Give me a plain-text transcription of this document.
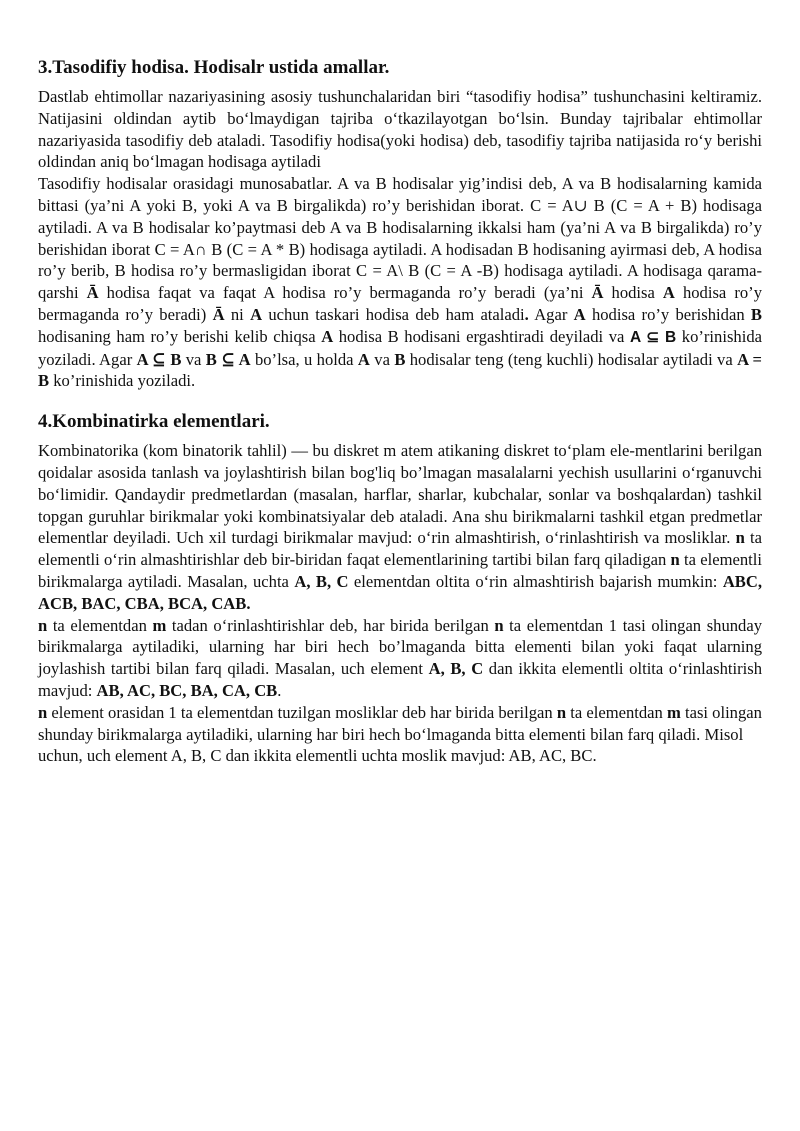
3.Tasodifiy hodisa. Hodisalr ustida amallar.

Dastlab ehtimollar nazariyasining asosiy tushunchalaridan biri “tasodifiy hodisa” tushunchasini keltiramiz. Natijasini oldindan aytib bo‘lmaydigan tajriba o‘tkazilayotgan bo‘lsin. Bunday tajribalar ehtimollar nazariyasida tasodifiy deb ataladi. Tasodifiy hodisa(yoki hodisa) deb, tasodifiy tajriba natijasida ro‘y berishi oldindan aniq bo‘lmagan hodisaga aytiladi

Tasodifiy hodisalar orasidagi munosabatlar. A va B hodisalar yig’indisi deb, A va B hodisalarning kamida bittasi (ya’ni A yoki B, yoki A va B birgalikda) ro’y berishidan iborat. C = A∪ B (C = A + B) hodisaga aytiladi. A va B hodisalar ko’paytmasi deb A va B hodisalarning ikkalsi ham (ya’ni A va B birgalikda) ro’y berishidan iborat C = A∩ B (C = A * B) hodisaga aytiladi. A hodisadan B hodisaning ayirmasi deb, A hodisa ro’y berib, B hodisa ro’y bermasligidan iborat C = A\ B (C = A -B) hodisaga aytiladi. A hodisaga qarama-qarshi Ā hodisa faqat va faqat A hodisa ro’y bermaganda ro’y beradi (ya’ni Ā hodisa A hodisa ro’y bermaganda ro’y beradi) Ā ni A uchun taskari hodisa deb ham ataladi. Agar A hodisa ro’y berishidan B hodisaning ham ro’y berishi kelib chiqsa A hodisa B hodisani ergashtiradi deyiladi va A ⊆ B ko’rinishida yoziladi. Agar A ⊆ B va B ⊆ A bo’lsa, u holda A va B hodisalar teng (teng kuchli) hodisalar aytiladi va A = B ko’rinishida yoziladi.

4.Kombinatirka elementlari.

Kombinatorika (kom binatorik tahlil) — bu diskret m atem atikaning diskret to‘plam ele-mentlarini berilgan qoidalar asosida tanlash va joylashtirish bilan bog'liq bo’lmagan masalalarni yechish usullarini o‘rganuvchi bo‘limidir. Qandaydir predmetlardan (masalan, harflar, sharlar, kubchalar, sonlar va boshqalardan) tashkil topgan guruhlar birikmalar yoki kombinatsiyalar deb ataladi. Ana shu birikmalarni tashkil etgan predmetlar elementlar deyiladi. Uch xil turdagi birikmalar mavjud: o‘rin almashtirish, o‘rinlashtirish va mosliklar. n ta elementli o‘rin almashtirishlar deb bir-biridan faqat elementlarining tartibi bilan farq qiladigan n ta elementli birikmalarga aytiladi. Masalan, uchta A, B, C elementdan oltita o‘rin almashtirish bajarish mumkin: ABC, ACB, BAC, CBA, BCA, CAB.

n ta elementdan m tadan o‘rinlashtirishlar deb, har birida berilgan n ta elementdan 1 tasi olingan shunday birikmalarga aytiladiki, ularning har biri hech bo’lmaganda bitta elementi bilan yoki faqat ularning joylashish tartibi bilan farq qiladi. Masalan, uch element A, B, C dan ikkita elementli oltita o‘rinlashtirish mavjud: AB, AC, BC, BA, CA, CB.

n element orasidan 1 ta elementdan tuzilgan mosliklar deb har birida berilgan n ta elementdan m tasi olingan shunday birikmalarga aytiladiki, ularning har biri hech bo‘lmaganda bitta elementi bilan farq qiladi. Misol uchun, uch element A, B, C dan ikkita elementli uchta moslik mavjud: AB, AC, BC.
